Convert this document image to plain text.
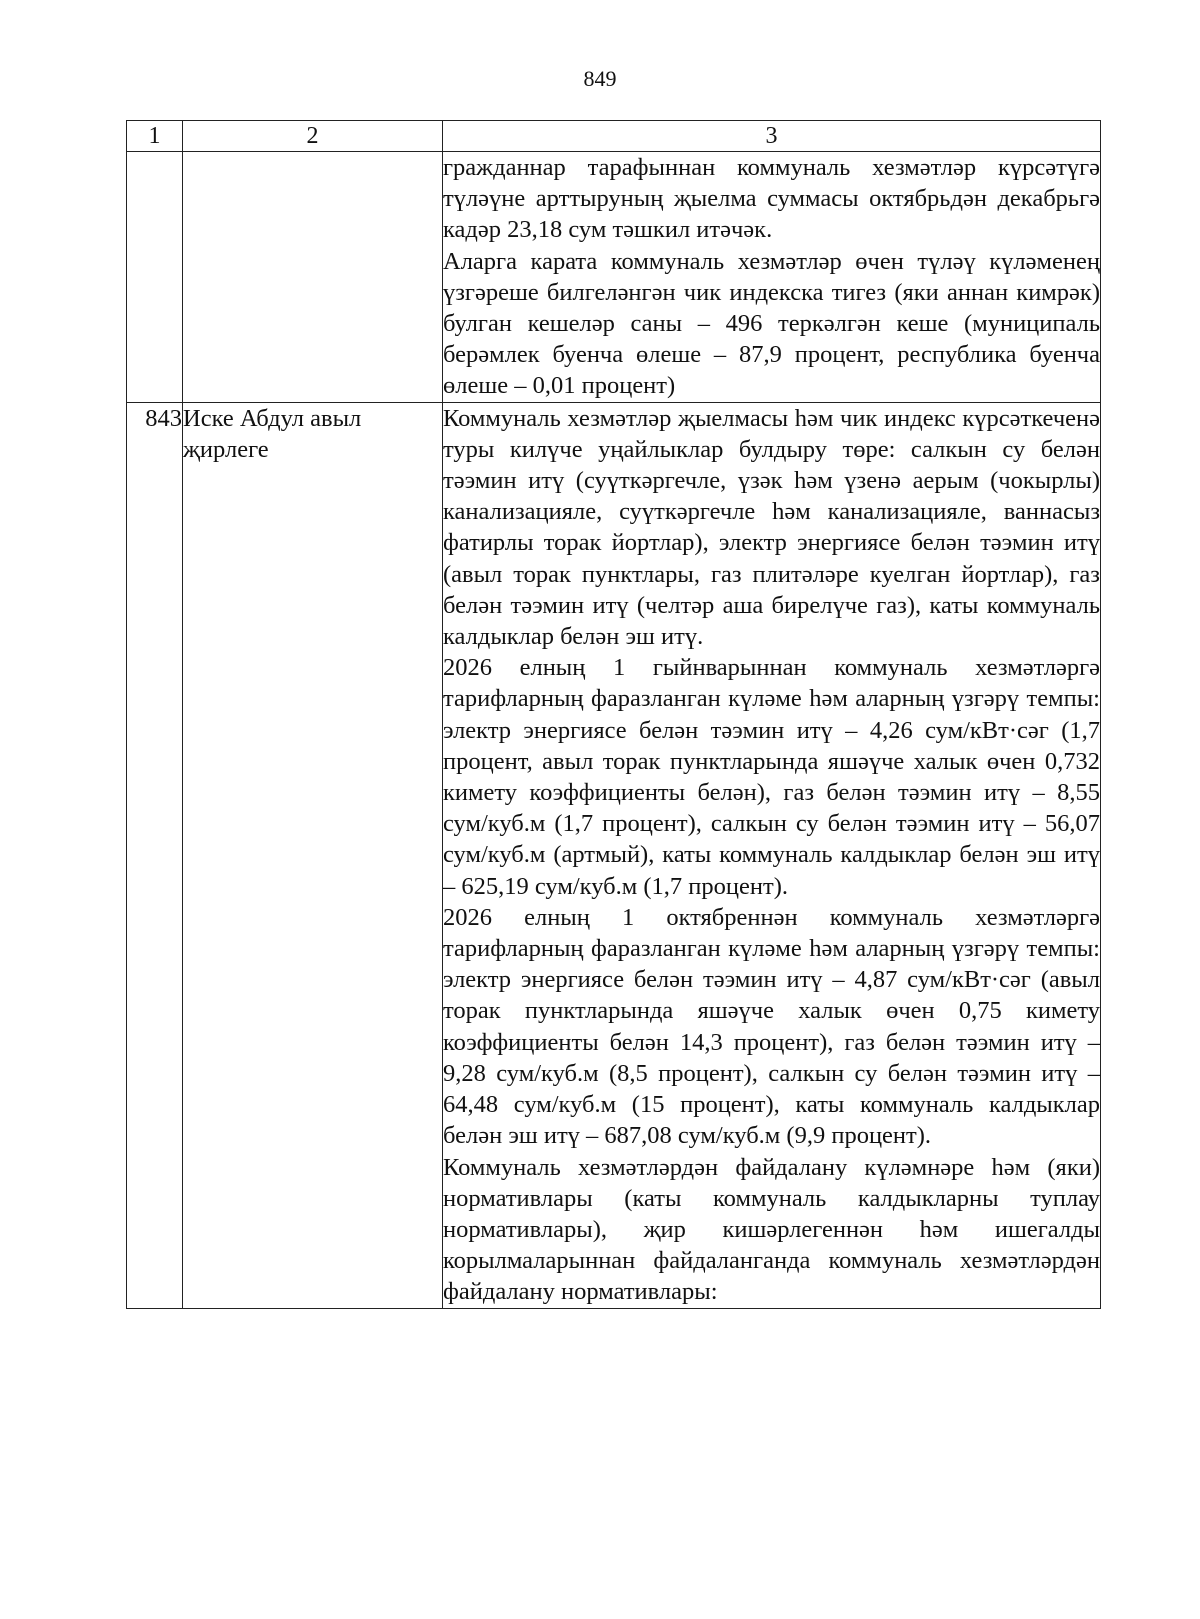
849
1	2	3

		гражданнар тарафыннан коммуналь хезмәтләр күрсәтүгә түләүне арттыруның җыелма суммасы октябрьдән декабрьгә кадәр 23,18 сум тәшкил итәчәк.

Аларга карата коммуналь хезмәтләр өчен түләү күләменең үзгәреше билгеләнгән чик индекска тигез (яки аннан кимрәк) булган кешеләр саны – 496 теркәлгән кеше (муниципаль берәмлек буенча өлеше – 87,9 процент, республика буенча өлеше – 0,01 процент)

843	Иске Абдул авыл җирлеге	Коммуналь хезмәтләр җыелмасы һәм чик индекс күрсәткеченә туры килүче уңайлыклар булдыру төре: салкын су белән тәэмин итү (суүткәргечле, үзәк һәм үзенә аерым (чокырлы) канализацияле, суүткәргечле һәм канализацияле, ваннасыз фатирлы торак йортлар), электр энергиясе белән тәэмин итү (авыл торак пунктлары, газ плитәләре куелган йортлар), газ белән тәэмин итү (челтәр аша бирелүче газ), каты коммуналь калдыклар белән эш итү.

2026 елның 1 гыйнварыннан коммуналь хезмәтләргә тарифларның фаразланган күләме һәм аларның үзгәрү темпы: электр энергиясе белән тәэмин итү – 4,26 сум/кВт·сәг (1,7 процент, авыл торак пунктларында яшәүче халык өчен 0,732 кимету коэффициенты белән), газ белән тәэмин итү – 8,55 сум/куб.м (1,7 процент), салкын су белән тәэмин итү – 56,07 сум/куб.м (артмый), каты коммуналь калдыклар белән эш итү – 625,19 сум/куб.м (1,7 процент).

2026 елның 1 октябреннән коммуналь хезмәтләргә тарифларның фаразланган күләме һәм аларның үзгәрү темпы: электр энергиясе белән тәэмин итү – 4,87 сум/кВт·сәг (авыл торак пунктларында яшәүче халык өчен 0,75 кимету коэффициенты белән 14,3 процент), газ белән тәэмин итү – 9,28 сум/куб.м (8,5 процент), салкын су белән тәэмин итү – 64,48 сум/куб.м (15 процент), каты коммуналь калдыклар белән эш итү – 687,08 сум/куб.м (9,9 процент).

Коммуналь хезмәтләрдән файдалану күләмнәре һәм (яки) нормативлары (каты коммуналь калдыкларны туплау нормативлары), җир кишәрлегеннән һәм ишегалды корылмаларыннан файдаланганда коммуналь хезмәтләрдән файдалану нормативлары:
